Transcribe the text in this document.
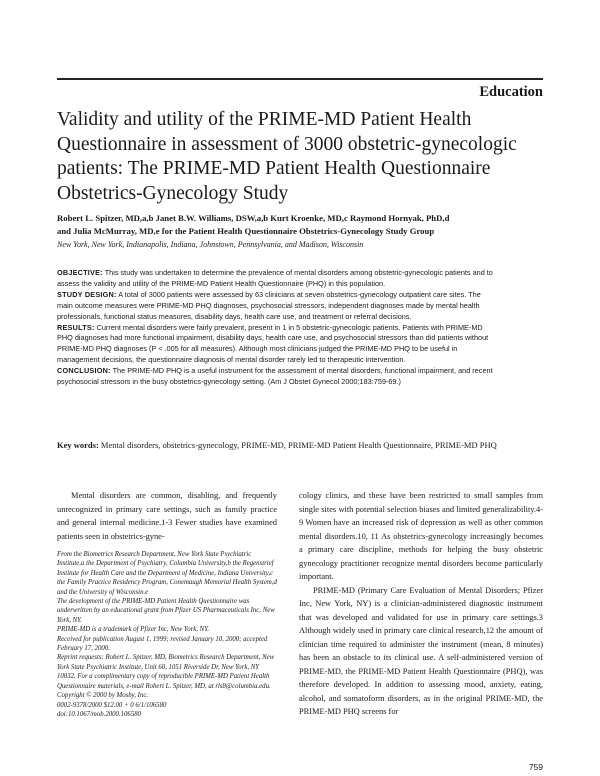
Education
Validity and utility of the PRIME-MD Patient Health Questionnaire in assessment of 3000 obstetric-gynecologic patients: The PRIME-MD Patient Health Questionnaire Obstetrics-Gynecology Study

Robert L. Spitzer, MD,a,b Janet B.W. Williams, DSW,a,b Kurt Kroenke, MD,c Raymond Hornyak, PhD,d

and Julia McMurray, MD,e for the Patient Health Questionnaire Obstetrics-Gynecology Study Group

New York, New York, Indianapolis, Indiana, Johnstown, Pennsylvania, and Madison, Wisconsin

OBJECTIVE: This study was undertaken to determine the prevalence of mental disorders among obstetric-gynecologic patients and to assess the validity and utility of the PRIME-MD Patient Health Questionnaire (PHQ) in this population.

STUDY DESIGN: A total of 3000 patients were assessed by 63 clinicians at seven obstetrics-gynecology outpatient care sites. The main outcome measures were PRIME-MD PHQ diagnoses, psychosocial stressors, independent diagnoses made by mental health professionals, functional status measures, disability days, health care use, and treatment or referral decisions.

RESULTS: Current mental disorders were fairly prevalent, present in 1 in 5 obstetric-gynecologic patients. Patients with PRIME-MD PHQ diagnoses had more functional impairment, disability days, health care use, and psychosocial stressors than did patients without PRIME-MD PHQ diagnoses (P < .005 for all measures). Although most clinicians judged the PRIME-MD PHQ to be useful in management decisions, the questionnaire diagnosis of mental disorder rarely led to therapeutic intervention.

CONCLUSION: The PRIME-MD PHQ is a useful instrument for the assessment of mental disorders, functional impairment, and recent psychosocial stressors in the busy obstetrics-gynecology setting. (Am J Obstet Gynecol 2000;183:759-69.)

Key words: Mental disorders, obstetrics-gynecology, PRIME-MD, PRIME-MD Patient Health Questionnaire, PRIME-MD PHQ

Mental disorders are common, disabling, and frequently unrecognized in primary care settings, such as family practice and general internal medicine.1-3 Fewer studies have examined patients seen in obstetrics-gyne-

From the Biometrics Research Department, New York State Psychiatric Institute,a the Department of Psychiatry, Columbia University,b the Regenstrief Institute for Health Care and the Department of Medicine, Indiana University,c the Family Practice Residency Program, Conemaugh Memorial Health System,d and the University of Wisconsin.e

The development of the PRIME-MD Patient Health Questionnaire was underwritten by an educational grant from Pfizer US Pharmaceuticals Inc, New York, NY.

PRIME-MD is a trademark of Pfizer Inc, New York, NY.

Received for publication August 1, 1999; revised January 10, 2000; accepted February 17, 2000.

Reprint requests: Robert L. Spitzer, MD, Biometrics Research Department, New York State Psychiatric Institute, Unit 60, 1051 Riverside Dr, New York, NY 10032. For a complimentary copy of reproducible PRIME-MD Patient Health Questionnaire materials, e-mail Robert L. Spitzer, MD, at rls8@columbia.edu.

Copyright © 2000 by Mosby, Inc.

0002-9378/2000 $12.00 + 0 6/1/106580

doi:10.1067/mob.2000.106580

cology clinics, and these have been restricted to small samples from single sites with potential selection biases and limited generalizability.4-9 Women have an increased risk of depression as well as other common mental disorders.10, 11 As obstetrics-gynecology increasingly becomes a primary care discipline, methods for helping the busy obstetric gynecology practitioner recognize mental disorders become particularly important.

PRIME-MD (Primary Care Evaluation of Mental Disorders; Pfizer Inc, New York, NY) is a clinician-administered diagnostic instrument that was developed and validated for use in primary care settings.3 Although widely used in primary care clinical research,12 the amount of clinician time required to administer the instrument (mean, 8 minutes) has been an obstacle to its clinical use. A self-administered version of PRIME-MD, the PRIME-MD Patient Health Questionnaire (PHQ), was therefore developed. In addition to assessing mood, anxiety, eating, alcohol, and somatoform disorders, as in the original PRIME-MD, the PRIME-MD PHQ screens for

759
